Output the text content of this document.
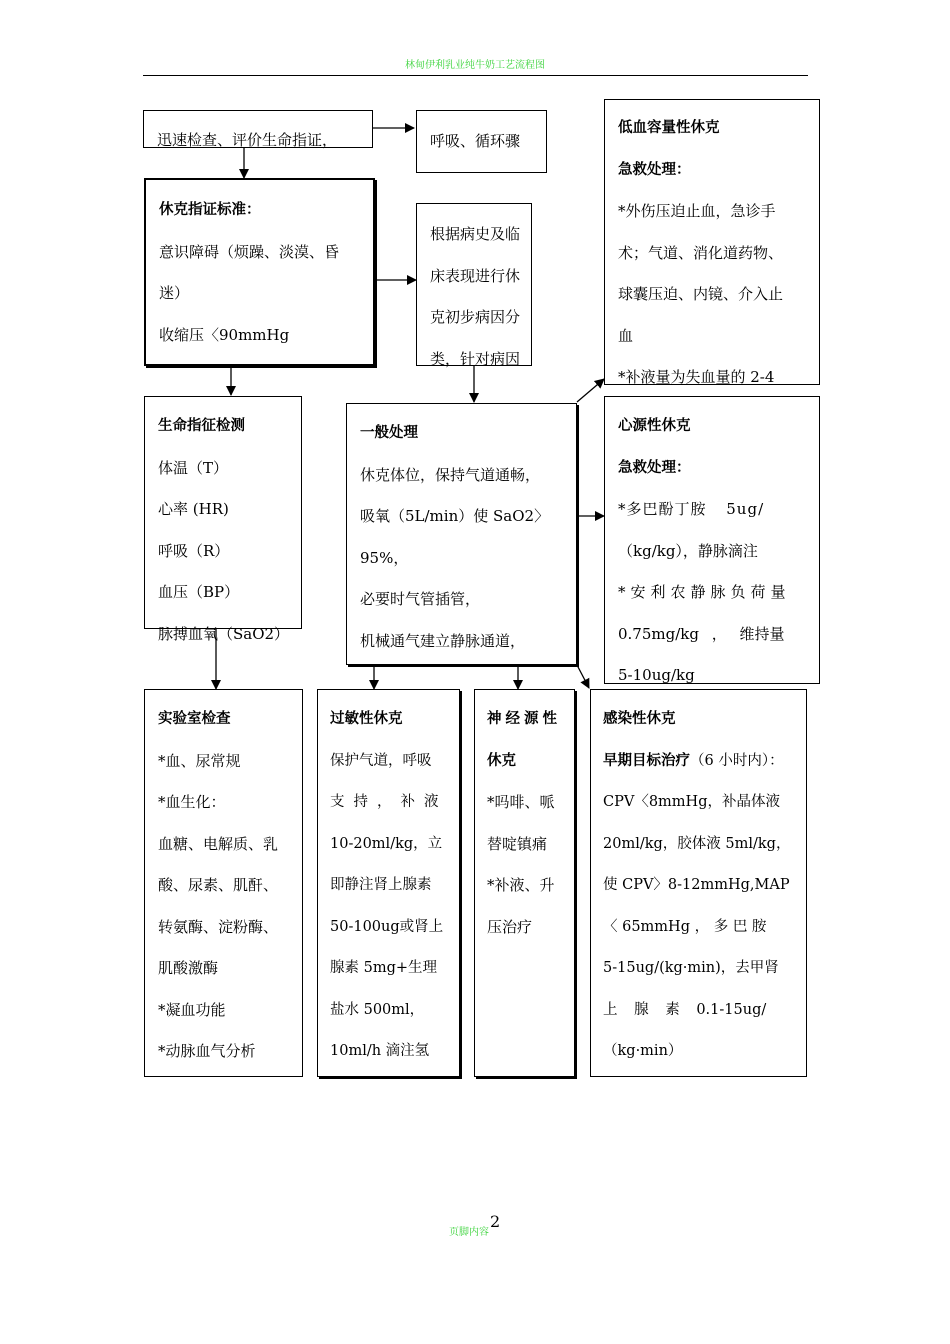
林甸伊利乳业纯牛奶工艺流程图
迅速检查、评价生命指证，	呼吸、循环骤
低血容量性休克
急救处理：
*外伤压迫止血，急诊手
术；气道、消化道药物、
球囊压迫、内镜、介入止
血
*补液量为失血量的 2-4
休克指证标准：
意识障碍（烦躁、淡漠、昏
迷）
收缩压〈90mmHg
根据病史及临
床表现进行休
克初步病因分
类，针对病因
生命指征检测
体温（T）
心率 (HR)
呼吸（R）
血压（BP）
脉搏血氧（SaO2）
一般处理
休克体位，保持气道通畅，
吸氧（5L/min）使 SaO2〉
95%，
必要时气管插管，
机械通气建立静脉通道，
心源性休克
急救处理：
*多巴酚丁胺 5ug/
（kg/kg），静脉滴注
*安利农静脉负荷量
0.75mg/kg ， 维持量
5-10ug/kg
实验室检查
*血、尿常规
*血生化：
血糖、电解质、乳
酸、尿素、肌酐、
转氨酶、淀粉酶、
肌酸激酶
*凝血功能
*动脉血气分析
过敏性休克
保护气道，呼吸
支持，补液
10-20ml/kg，立
即静注肾上腺素
50-100ug或肾上
腺素 5mg+生理
盐水 500ml，
10ml/h 滴注氢
神经源性
休克
*吗啡、哌
替啶镇痛
*补液、升
压治疗
感染性休克
早期目标治疗（6 小时内）：
CPV〈8mmHg，补晶体液
20ml/kg，胶体液 5ml/kg，
使 CPV〉8-12mmHg,MAP
〈 65mmHg ， 多 巴 胺
5-15ug/(kg·min)，去甲肾
上 腺 素 0.1-15ug/
（kg·min）
页脚内容
2
